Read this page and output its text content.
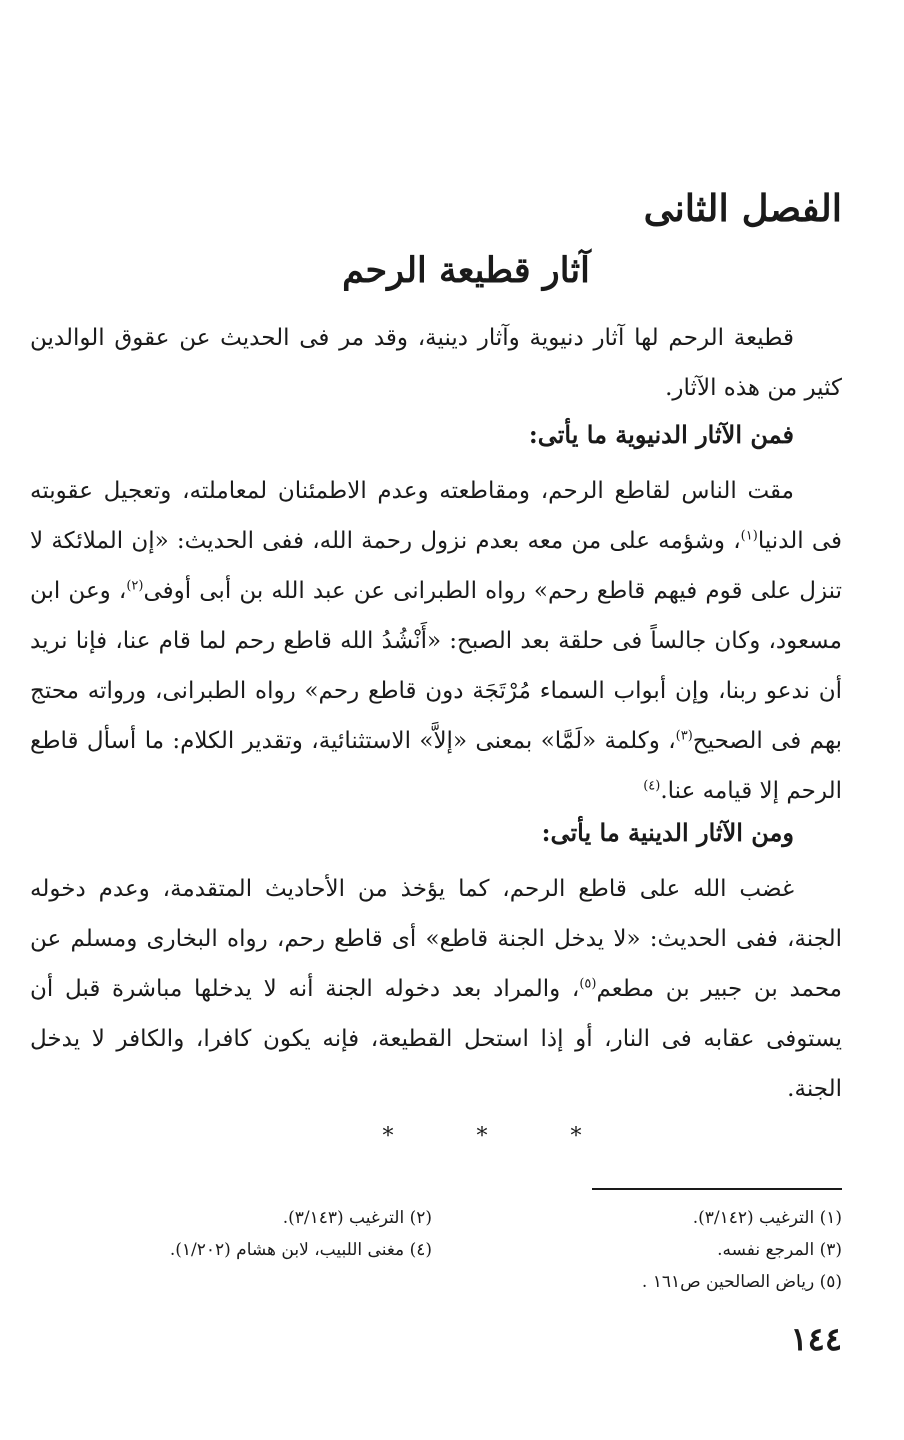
الفصل الثانى
آثار قطيعة الرحم

قطيعة الرحم لها آثار دنيوية وآثار دينية، وقد مر فى الحديث عن عقوق الوالدين كثير من هذه الآثار.

فمن الآثار الدنيوية ما يأتى:

مقت الناس لقاطع الرحم، ومقاطعته وعدم الاطمئنان لمعاملته، وتعجيل عقوبته فى الدنيا$^{(١)}$، وشؤمه على من معه بعدم نزول رحمة الله، ففى الحديث: «إن الملائكة لا تنزل على قوم فيهم قاطع رحم» رواه الطبرانى عن عبد الله بن أبى أوفى$^{(٢)}$، وعن ابن مسعود، وكان جالساً فى حلقة بعد الصبح: «أَنْشُدُ الله قاطع رحم لما قام عنا، فإنا نريد أن ندعو ربنا، وإن أبواب السماء مُرْتَجَة دون قاطع رحم» رواه الطبرانى، ورواته محتج بهم فى الصحيح$^{(٣)}$، وكلمة «لَمَّا» بمعنى «إلاَّ» الاستثنائية، وتقدير الكلام: ما أسأل قاطع الرحم إلا قيامه عنا.$^{(٤)}$

ومن الآثار الدينية ما يأتى:

غضب الله على قاطع الرحم، كما يؤخذ من الأحاديث المتقدمة، وعدم دخوله الجنة، ففى الحديث: «لا يدخل الجنة قاطع» أى قاطع رحم، رواه البخارى ومسلم عن محمد بن جبير بن مطعم$^{(٥)}$، والمراد بعد دخوله الجنة أنه لا يدخلها مباشرة قبل أن يستوفى عقابه فى النار، أو إذا استحل القطيعة، فإنه يكون كافرا، والكافر لا يدخل الجنة.

* * *

(١) الترغيب (٣/١٤٢).

(٢) الترغيب (٣/١٤٣).

(٣) المرجع نفسه.

(٤) مغنى اللبيب، لابن هشام (١/٢٠٢).

(٥) رياض الصالحين ص١٦١ .

١٤٤
